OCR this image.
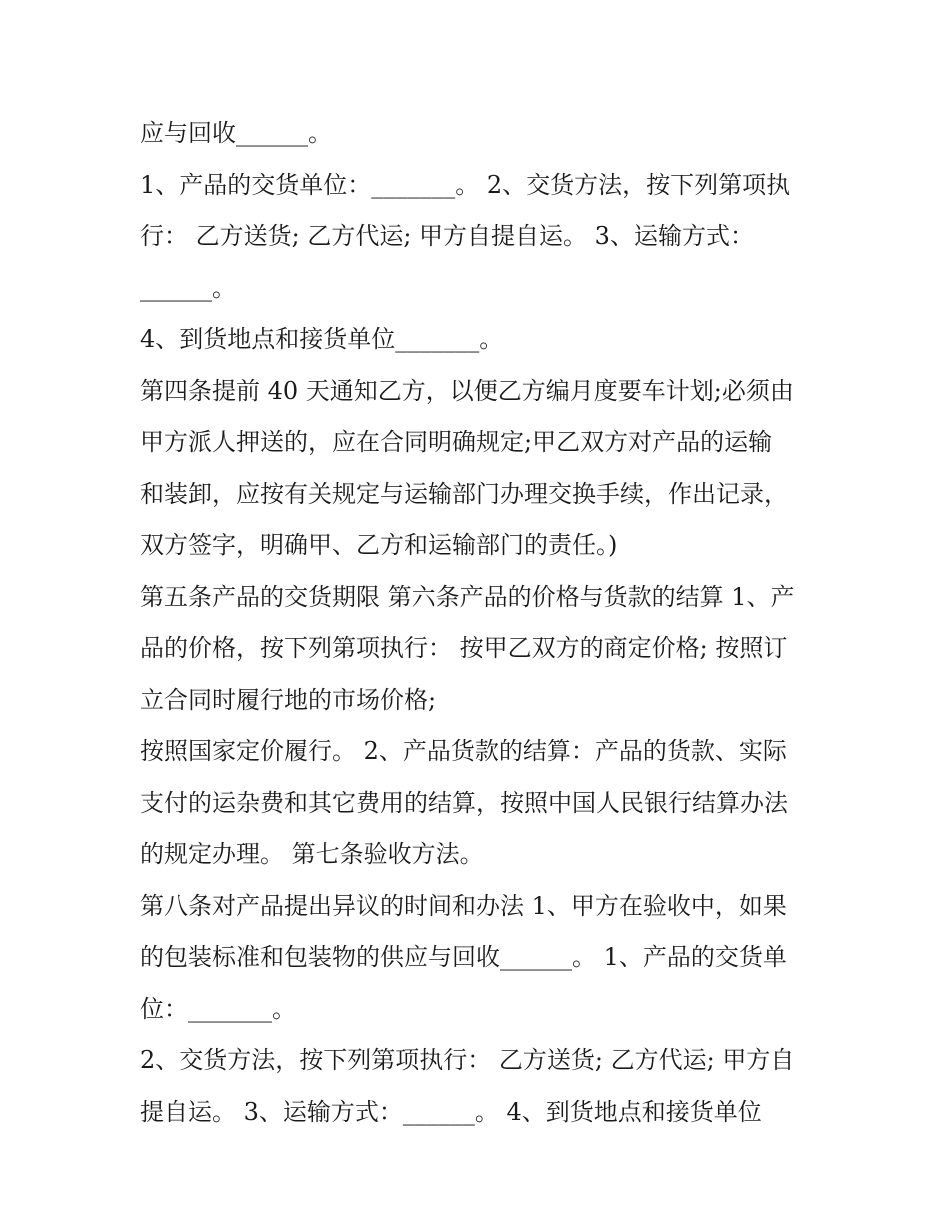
应与回收______。
1、产品的交货单位：_______。 2、交货方法，按下列第项执
行： 乙方送货; 乙方代运; 甲方自提自运。 3、运输方式：
______。
4、到货地点和接货单位_______。
第四条提前 40 天通知乙方，以便乙方编月度要车计划;必须由
甲方派人押送的，应在合同明确规定;甲乙双方对产品的运输
和装卸，应按有关规定与运输部门办理交换手续，作出记录，
双方签字，明确甲、乙方和运输部门的责任。)
第五条产品的交货期限 第六条产品的价格与货款的结算 1、产
品的价格，按下列第项执行： 按甲乙双方的商定价格; 按照订
立合同时履行地的市场价格;
按照国家定价履行。 2、产品货款的结算：产品的货款、实际
支付的运杂费和其它费用的结算，按照中国人民银行结算办法
的规定办理。 第七条验收方法。
第八条对产品提出异议的时间和办法 1、甲方在验收中，如果
的包装标准和包装物的供应与回收______。 1、产品的交货单
位：_______。
2、交货方法，按下列第项执行： 乙方送货; 乙方代运; 甲方自
提自运。 3、运输方式：______。 4、到货地点和接货单位
